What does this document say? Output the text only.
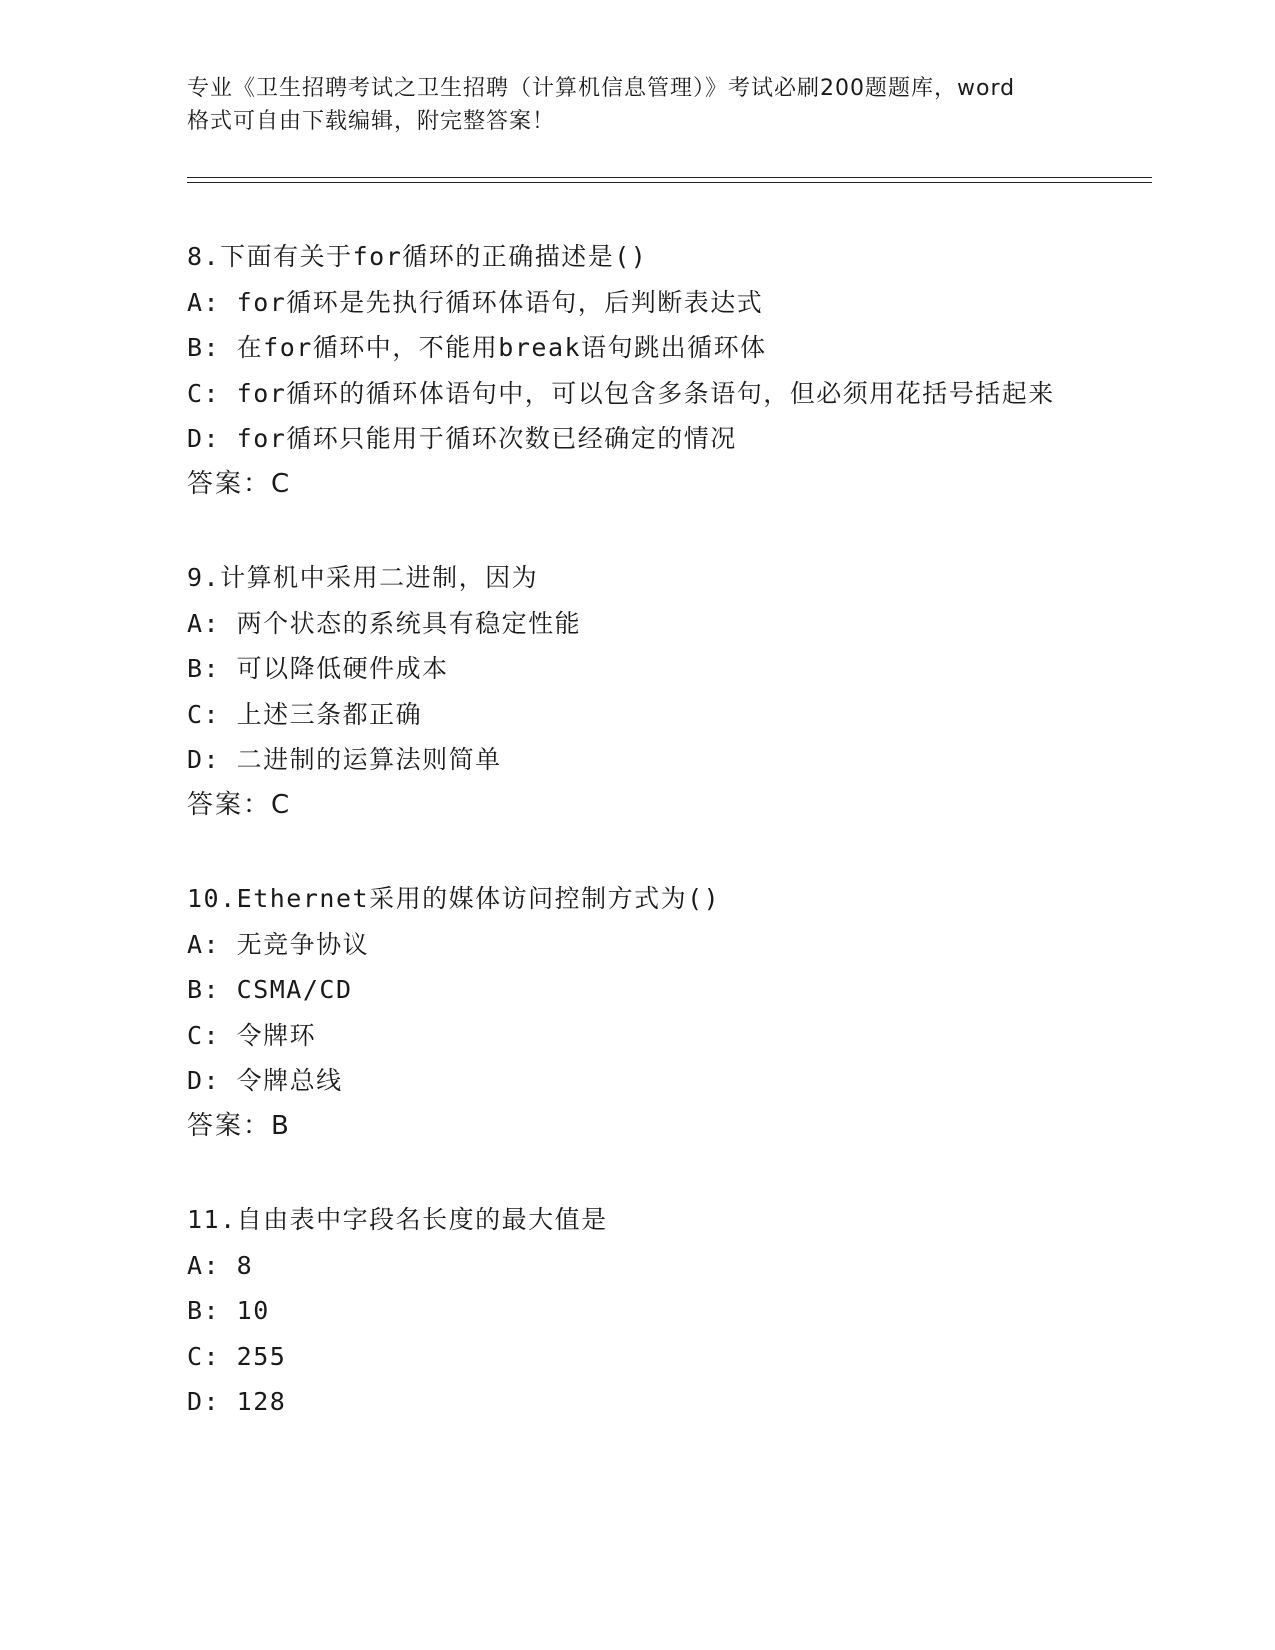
专业《卫生招聘考试之卫生招聘（计算机信息管理）》考试必刷200题题库，word
格式可自由下载编辑，附完整答案！
8.下面有关于for循环的正确描述是()
A: for循环是先执行循环体语句，后判断表达式
B: 在for循环中，不能用break语句跳出循环体
C: for循环的循环体语句中，可以包含多条语句，但必须用花括号括起来
D: for循环只能用于循环次数已经确定的情况
答案：C
9.计算机中采用二进制，因为
A: 两个状态的系统具有稳定性能
B: 可以降低硬件成本
C: 上述三条都正确
D: 二进制的运算法则简单
答案：C
10.Ethernet采用的媒体访问控制方式为()
A: 无竞争协议
B: CSMA/CD
C: 令牌环
D: 令牌总线
答案：B
11.自由表中字段名长度的最大值是
A: 8
B: 10
C: 255
D: 128
